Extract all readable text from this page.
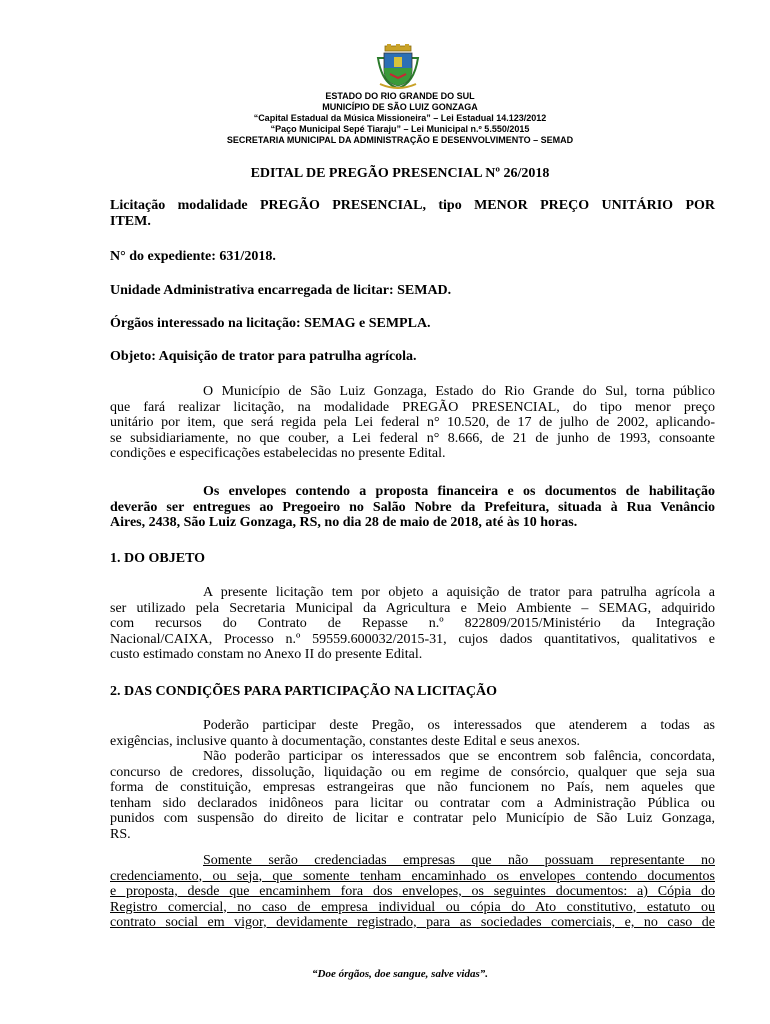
ESTADO DO RIO GRANDE DO SUL
MUNICÍPIO DE SÃO LUIZ GONZAGA
“Capital Estadual da Música Missioneira” – Lei Estadual 14.123/2012
“Paço Municipal Sepé Tiaraju” – Lei Municipal n.º 5.550/2015
SECRETARIA MUNICIPAL DA ADMINISTRAÇÃO E DESENVOLVIMENTO – SEMAD
EDITAL DE PREGÃO PRESENCIAL Nº 26/2018
Licitação modalidade PREGÃO PRESENCIAL, tipo MENOR PREÇO UNITÁRIO POR
ITEM.
N° do expediente: 631/2018.
Unidade Administrativa encarregada de licitar: SEMAD.
Órgãos interessado na licitação: SEMAG e SEMPLA.
Objeto: Aquisição de trator para patrulha agrícola.
O Município de São Luiz Gonzaga, Estado do Rio Grande do Sul, torna público
que fará realizar licitação, na modalidade PREGÃO PRESENCIAL, do tipo menor preço
unitário por item, que será regida pela Lei federal n° 10.520, de 17 de julho de 2002, aplicando-
se subsidiariamente, no que couber, a Lei federal n° 8.666, de 21 de junho de 1993, consoante
condições e especificações estabelecidas no presente Edital.
Os envelopes contendo a proposta financeira e os documentos de habilitação
deverão ser entregues ao Pregoeiro no Salão Nobre da Prefeitura, situada à Rua Venâncio
Aires, 2438, São Luiz Gonzaga, RS, no dia 28 de maio de 2018, até às 10 horas.
1. DO OBJETO
A presente licitação tem por objeto a aquisição de trator para patrulha agrícola a
ser utilizado pela Secretaria Municipal da Agricultura e Meio Ambiente – SEMAG, adquirido
com recursos do Contrato de Repasse n.º 822809/2015/Ministério da Integração
Nacional/CAIXA, Processo n.º 59559.600032/2015-31, cujos dados quantitativos, qualitativos e
custo estimado constam no Anexo II do presente Edital.
2. DAS CONDIÇÕES PARA PARTICIPAÇÃO NA LICITAÇÃO
Poderão participar deste Pregão, os interessados que atenderem a todas as
exigências, inclusive quanto à documentação, constantes deste Edital e seus anexos.
Não poderão participar os interessados que se encontrem sob falência, concordata,
concurso de credores, dissolução, liquidação ou em regime de consórcio, qualquer que seja sua
forma de constituição, empresas estrangeiras que não funcionem no País, nem aqueles que
tenham sido declarados inidôneos para licitar ou contratar com a Administração Pública ou
punidos com suspensão do direito de licitar e contratar pelo Município de São Luiz Gonzaga,
RS.
Somente serão credenciadas empresas que não possuam representante no
credenciamento, ou seja, que somente tenham encaminhado os envelopes contendo documentos
e proposta, desde que encaminhem fora dos envelopes, os seguintes documentos: a) Cópia do
Registro comercial, no caso de empresa individual ou cópia do Ato constitutivo, estatuto ou
contrato social em vigor, devidamente registrado, para as sociedades comerciais, e, no caso de
“Doe órgãos, doe sangue, salve vidas”.
